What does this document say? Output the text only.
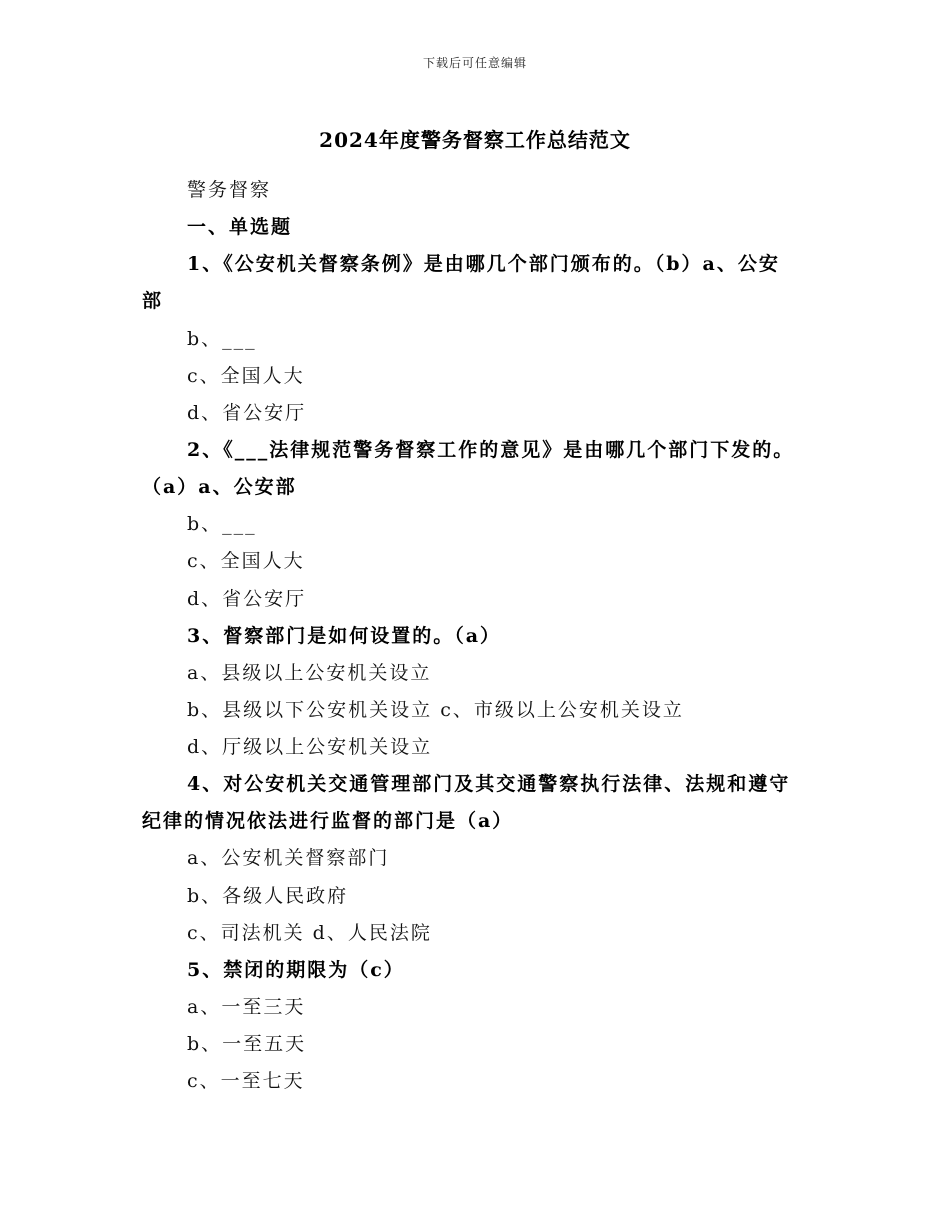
下载后可任意编辑
2024年度警务督察工作总结范文
警务督察
一、单选题
1、《公安机关督察条例》是由哪几个部门颁布的。（b）a、公安
部
b、___
c、全国人大
d、省公安厅
2、《___法律规范警务督察工作的意见》是由哪几个部门下发的。
（a）a、公安部
b、___
c、全国人大
d、省公安厅
3、督察部门是如何设置的。（a）
a、县级以上公安机关设立
b、县级以下公安机关设立 c、市级以上公安机关设立
d、厅级以上公安机关设立
4、对公安机关交通管理部门及其交通警察执行法律、法规和遵守
纪律的情况依法进行监督的部门是（a）
a、公安机关督察部门
b、各级人民政府
c、司法机关 d、人民法院
5、禁闭的期限为（c）
a、一至三天
b、一至五天
c、一至七天
